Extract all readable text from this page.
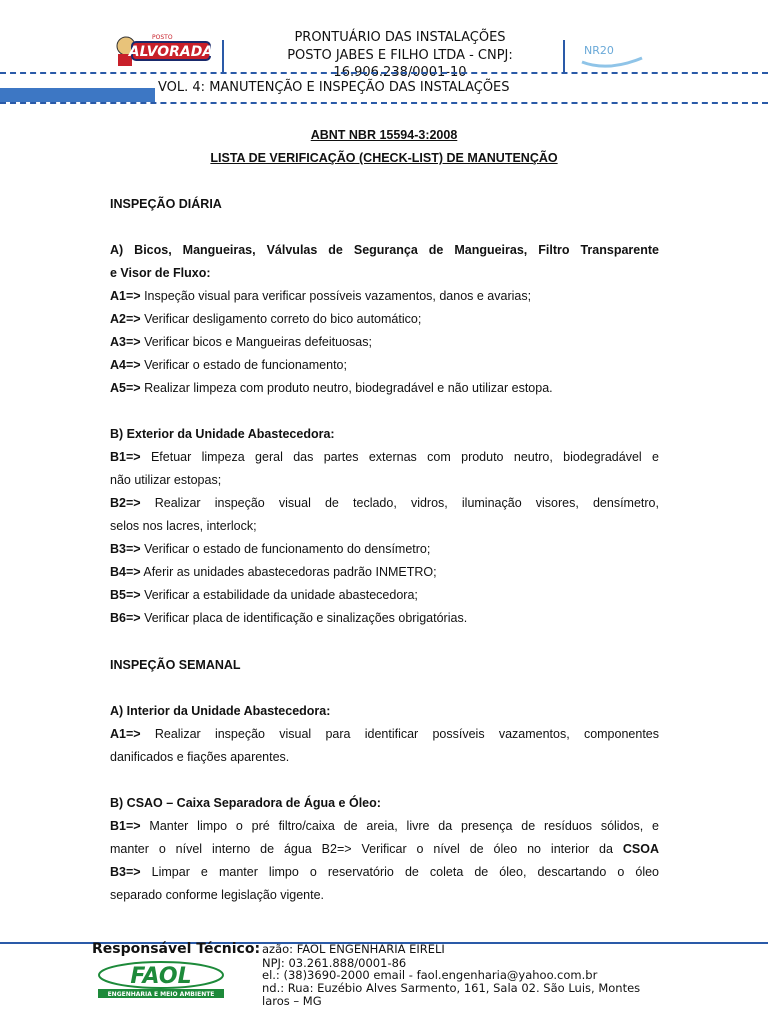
ALVORADA
POSTO	PRONTUÁRIO DAS INSTALAÇÕES
POSTO JABES E FILHO LTDA - CNPJ:
16.906.238/0001-10
NR20
VOL. 4: MANUTENÇÃO E INSPEÇÃO DAS INSTALAÇÕES
ABNT NBR 15594-3:2008
LISTA DE VERIFICAÇÃO (CHECK-LIST) DE MANUTENÇÃO
INSPEÇÃO DIÁRIA
A) Bicos, Mangueiras, Válvulas de Segurança de Mangueiras, Filtro Transparente
e Visor de Fluxo:
A1=> Inspeção visual para verificar possíveis vazamentos, danos e avarias;
A2=> Verificar desligamento correto do bico automático;
A3=> Verificar bicos e Mangueiras defeituosas;
A4=> Verificar o estado de funcionamento;
A5=> Realizar limpeza com produto neutro, biodegradável e não utilizar estopa.
B) Exterior da Unidade Abastecedora:
B1=> Efetuar limpeza geral das partes externas com produto neutro, biodegradável e
não utilizar estopas;
B2=> Realizar inspeção visual de teclado, vidros, iluminação visores, densímetro,
selos nos lacres, interlock;
B3=> Verificar o estado de funcionamento do densímetro;
B4=> Aferir as unidades abastecedoras padrão INMETRO;
B5=> Verificar a estabilidade da unidade abastecedora;
B6=> Verificar placa de identificação e sinalizações obrigatórias.
INSPEÇÃO SEMANAL
A) Interior da Unidade Abastecedora:
A1=> Realizar inspeção visual para identificar possíveis vazamentos, componentes
danificados e fiações aparentes.
B) CSAO – Caixa Separadora de Água e Óleo:
B1=> Manter limpo o pré filtro/caixa de areia, livre da presença de resíduos sólidos, e
manter o nível interno de água B2=> Verificar o nível de óleo no interior da CSOA
B3=> Limpar e manter limpo o reservatório de coleta de óleo, descartando o óleo
separado conforme legislação vigente.
Responsável Técnico:
FAOL
ENGENHARIA E MEIO AMBIENTE
azão: FAOL ENGENHARIA EIRELI
NPJ: 03.261.888/0001-86
el.: (38)3690-2000 email - faol.engenharia@yahoo.com.br
nd.: Rua: Euzébio Alves Sarmento, 161, Sala 02. São Luis, Montes
laros – MG
